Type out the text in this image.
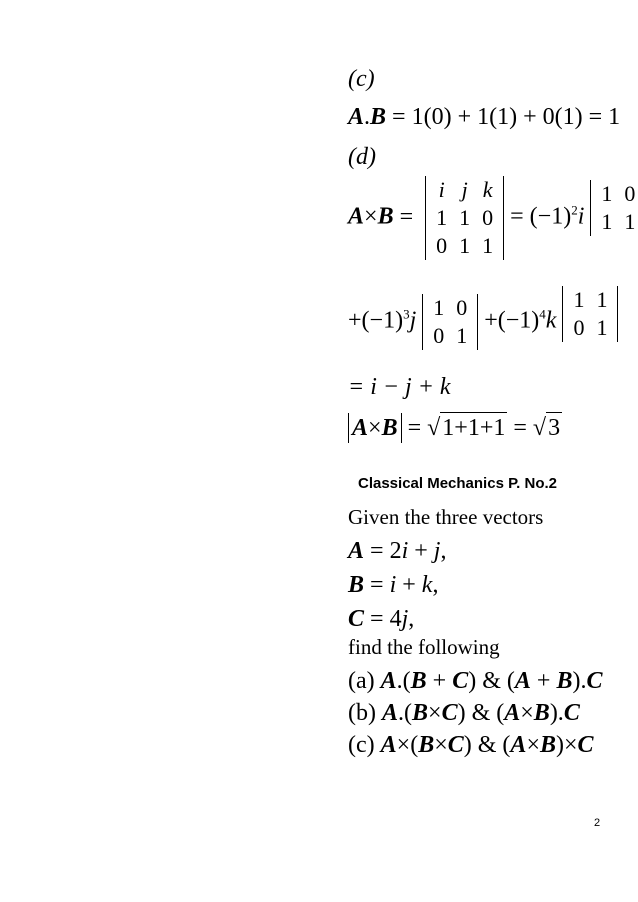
(c)
A.B = 1(0) + 1(1) + 0(1) = 1
(d)
A×B =
i	j	k
1	1	0
0	1	1
= $(-1)^2i$
1	0
1	1
$+(-1)^3j$
1	0
0	1
$+(-1)^4k$
1	1
0	1
= i − j + k
A×B = √1+1+1 = √3
Classical Mechanics P. No.2
Given the three vectors
A = 2i + j,
B = i + k,
C = 4j,
find the following
(a) A.(B + C) & (A + B).C
(b) A.(B×C) & (A×B).C
(c) A×(B×C) & (A×B)×C
2
